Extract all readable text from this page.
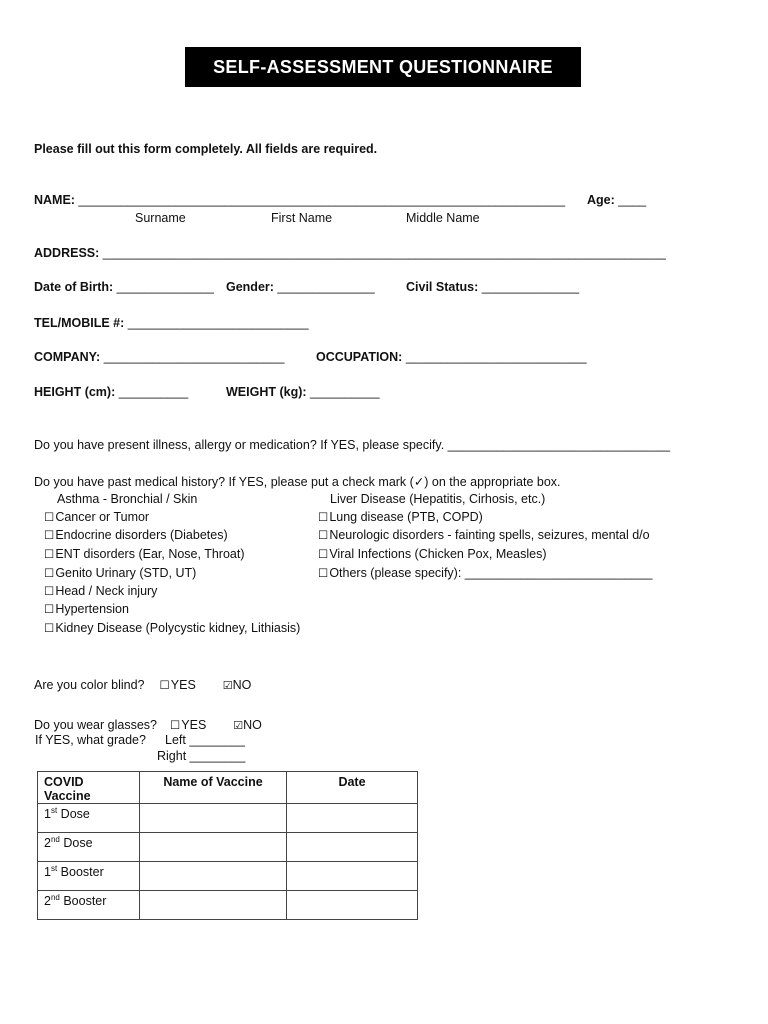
SELF-ASSESSMENT QUESTIONNAIRE
Please fill out this form completely. All fields are required.
NAME: ______________________________________________________________________ Age: ____
Surname	First Name	Middle Name
ADDRESS: _________________________________________________________________________________
Date of Birth: ______________ Gender: ______________	Civil Status: ______________
TEL/MOBILE #: __________________________
COMPANY: __________________________	OCCUPATION: __________________________
HEIGHT (cm): __________	WEIGHT (kg): __________
Do you have present illness, allergy or medication? If YES, please specify. ________________________________
Do you have past medical history? If YES, please put a check mark (✓) on the appropriate box.
Asthma - Bronchial / Skin	Liver Disease (Hepatitis, Cirhosis, etc.)
☐Cancer or Tumor
☐Endocrine disorders (Diabetes)
☐ENT disorders (Ear, Nose, Throat)
☐Genito Urinary (STD, UT)
☐Head / Neck injury
☐Hypertension
☐Kidney Disease (Polycystic kidney, Lithiasis)
☐Lung disease (PTB, COPD)
☐Neurologic disorders - fainting spells, seizures, mental d/o
☐Viral Infections (Chicken Pox, Measles)
☐Others (please specify): ___________________________
Are you color blind? ☐YES ☑NO
Do you wear glasses? ☐YES ☑NO
If YES, what grade? Left ________
Right ________
COVID Vaccine	Name of Vaccine	Date
1st Dose		
2nd Dose		
1st Booster		
2nd Booster		
